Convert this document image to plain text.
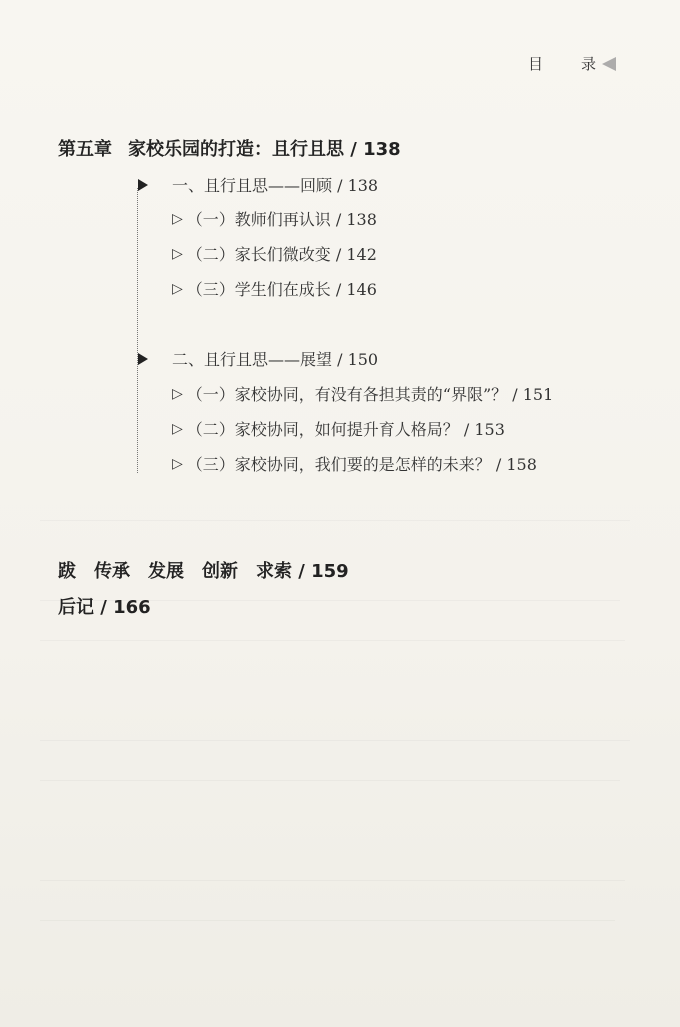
目	录
第五章 家校乐园的打造：且行且思 / 138
一、且行且思——回顾 / 138
▷ （一）教师们再认识 / 138
▷ （二）家长们微改变 / 142
▷ （三）学生们在成长 / 146
二、且行且思——展望 / 150
▷ （一）家校协同，有没有各担其责的“界限”？ / 151
▷ （二）家校协同，如何提升育人格局？ / 153
▷ （三）家校协同，我们要的是怎样的未来？ / 158
跋　传承　发展　创新　求索 / 159
后记 / 166
